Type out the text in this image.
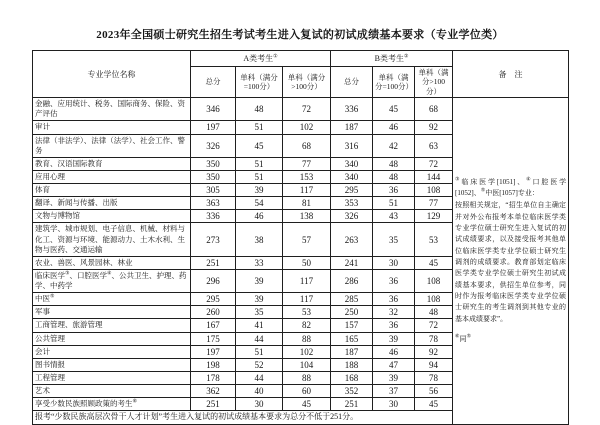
2023年全国硕士研究生招生考试考生进入复试的初试成绩基本要求（专业学位类）
专业学位名称	A类考生①			B类考生②			备　注
	总分	单科（满分=100分）	单科（满分>100分）	总分	单科（满分=100分）	单科（满分>100分）	
金融、应用统计、税务、国际商务、保险、资产评估	346	48	72	336	45	68	③临床医学[1051]、④口腔医学[1052]、⑤中医[1057]专业：
按照相关规定，“招生单位自主确定并对外公布报考本单位临床医学类专业学位硕士研究生进入复试的初试成绩要求，以及接受报考其他单位临床医学类专业学位硕士研究生调剂的成绩要求。教育部划定临床医学类专业学位硕士研究生初试成绩基本要求，供招生单位参考，同时作为报考临床医学类专业学位硕士研究生的考生调剂到其他专业的基本成绩要求”。
⑥同⑤

审计	197	51	102	187	46	92	
法律（非法学）、法律（法学）、社会工作、警务	326	45	68	316	42	63	
教育、汉语国际教育	350	51	77	340	48	72	
应用心理	350	51	153	340	48	144	
体育	305	39	117	295	36	108	
翻译、新闻与传播、出版	363	54	81	353	51	77	
文物与博物馆	336	46	138	326	43	129	
建筑学、城市规划、电子信息、机械、材料与化工、资源与环境、能源动力、土木水利、生物与医药、交通运输	273	38	57	263	35	53	
农业、兽医、风景园林、林业	251	33	50	241	30	45	
临床医学③、口腔医学④、公共卫生、护理、药学、中药学	296	39	117	286	36	108	
中医⑤	295	39	117	285	36	108	
军事	260	35	53	250	32	48	
工商管理、旅游管理	167	41	82	157	36	72	
公共管理	175	44	88	165	39	78	
会计	197	51	102	187	46	92	
图书情报	198	52	104	188	47	94	
工程管理	178	44	88	168	39	78	
艺术	362	40	60	352	37	56	
享受少数民族照顾政策的考生⑥	251	30	45	251	30	45	
报考“少数民族高层次骨干人才计划”考生进入复试的初试成绩基本要求为总分不低于251分。							
